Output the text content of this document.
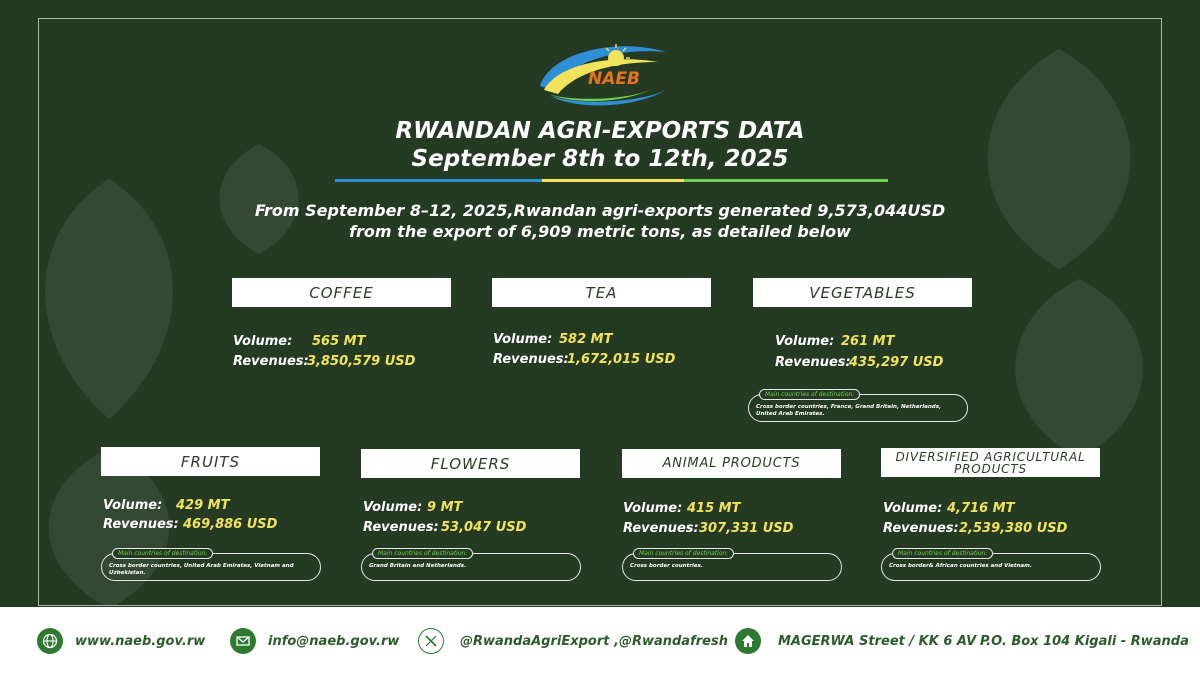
NAEB
RWANDAN AGRI-EXPORTS DATA
September 8th to 12th, 2025
From September 8–12, 2025,Rwandan agri-exports generated 9,573,044USD
from the export of 6,909 metric tons, as detailed below
COFFEE
Volume: 565 MT
Revenues:3,850,579 USD
TEA
Volume: 582 MT
Revenues:1,672,015 USD
VEGETABLES
Volume: 261 MT
Revenues:435,297 USD
Main countries of destination:
Cross border countries, France, Grand Britain, Netherlands, United Arab Emirates.
FRUITS
Volume: 429 MT
Revenues: 469,886 USD
Main countries of destination:
Cross border countries, United Arab Emirates, Vietnam and Uzbekistan.
FLOWERS
Volume: 9 MT
Revenues: 53,047 USD
Main countries of destination:
Grand Britain and Netherlands.
ANIMAL PRODUCTS
Volume: 415 MT
Revenues:307,331 USD
Main countries of destination:
Cross border countries.
DIVERSIFIED AGRICULTURAL PRODUCTS
Volume: 4,716 MT
Revenues:2,539,380 USD
Main countries of destination:
Cross border& African countries and Vietnam.
www.naeb.gov.rw	info@naeb.gov.rw	@RwandaAgriExport ,@Rwandafresh	MAGERWA Street / KK 6 AV P.O. Box 104 Kigali - Rwanda
